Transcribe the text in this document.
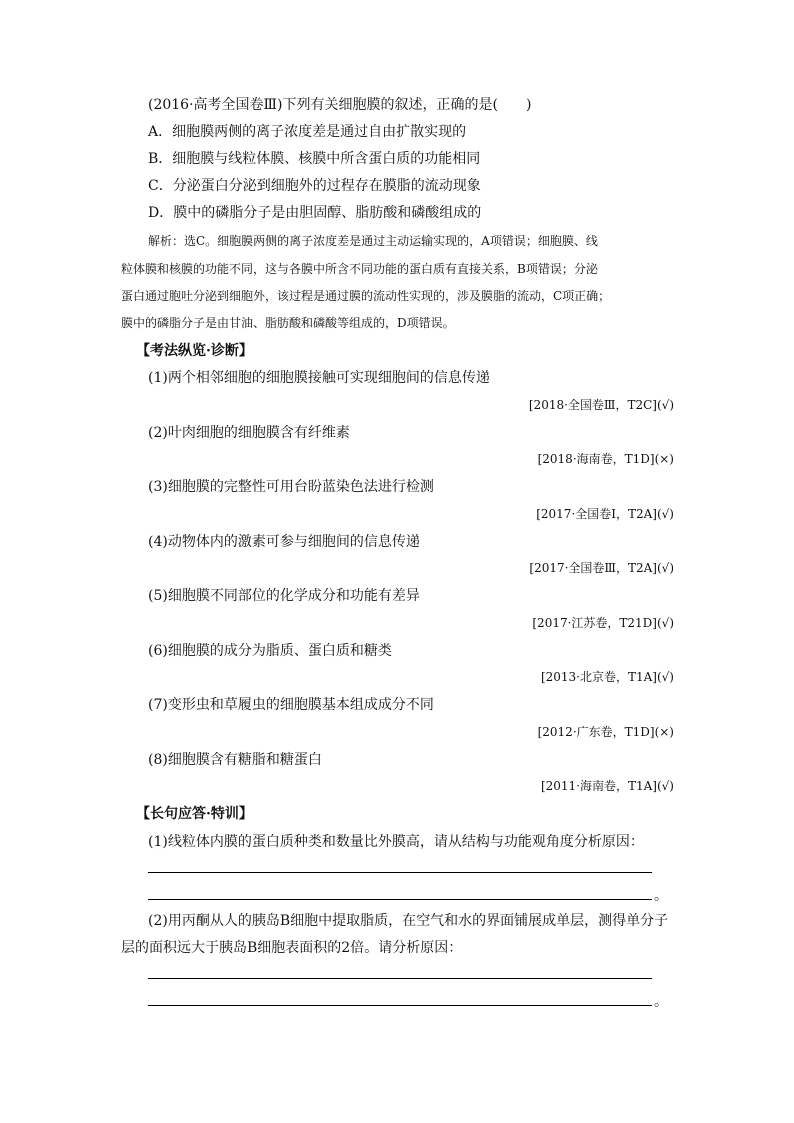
(2016·高考全国卷Ⅲ)下列有关细胞膜的叙述，正确的是(　　)
A．细胞膜两侧的离子浓度差是通过自由扩散实现的
B．细胞膜与线粒体膜、核膜中所含蛋白质的功能相同
C．分泌蛋白分泌到细胞外的过程存在膜脂的流动现象
D．膜中的磷脂分子是由胆固醇、脂肪酸和磷酸组成的
解析：选C。细胞膜两侧的离子浓度差是通过主动运输实现的，A项错误；细胞膜、线
粒体膜和核膜的功能不同，这与各膜中所含不同功能的蛋白质有直接关系，B项错误；分泌
蛋白通过胞吐分泌到细胞外，该过程是通过膜的流动性实现的，涉及膜脂的流动，C项正确；
膜中的磷脂分子是由甘油、脂肪酸和磷酸等组成的，D项错误。
【考法纵览·诊断】
(1)两个相邻细胞的细胞膜接触可实现细胞间的信息传递
[2018·全国卷Ⅲ，T2C](√)
(2)叶肉细胞的细胞膜含有纤维素
[2018·海南卷，T1D](×)
(3)细胞膜的完整性可用台盼蓝染色法进行检测
[2017·全国卷Ⅰ，T2A](√)
(4)动物体内的激素可参与细胞间的信息传递
[2017·全国卷Ⅲ，T2A](√)
(5)细胞膜不同部位的化学成分和功能有差异
[2017·江苏卷，T21D](√)
(6)细胞膜的成分为脂质、蛋白质和糖类
[2013·北京卷，T1A](√)
(7)变形虫和草履虫的细胞膜基本组成成分不同
[2012·广东卷，T1D](×)
(8)细胞膜含有糖脂和糖蛋白
[2011·海南卷，T1A](√)
【长句应答·特训】
(1)线粒体内膜的蛋白质种类和数量比外膜高，请从结构与功能观角度分析原因：
。
(2)用丙酮从人的胰岛B细胞中提取脂质，在空气和水的界面铺展成单层，测得单分子
层的面积远大于胰岛B细胞表面积的2倍。请分析原因：
。
